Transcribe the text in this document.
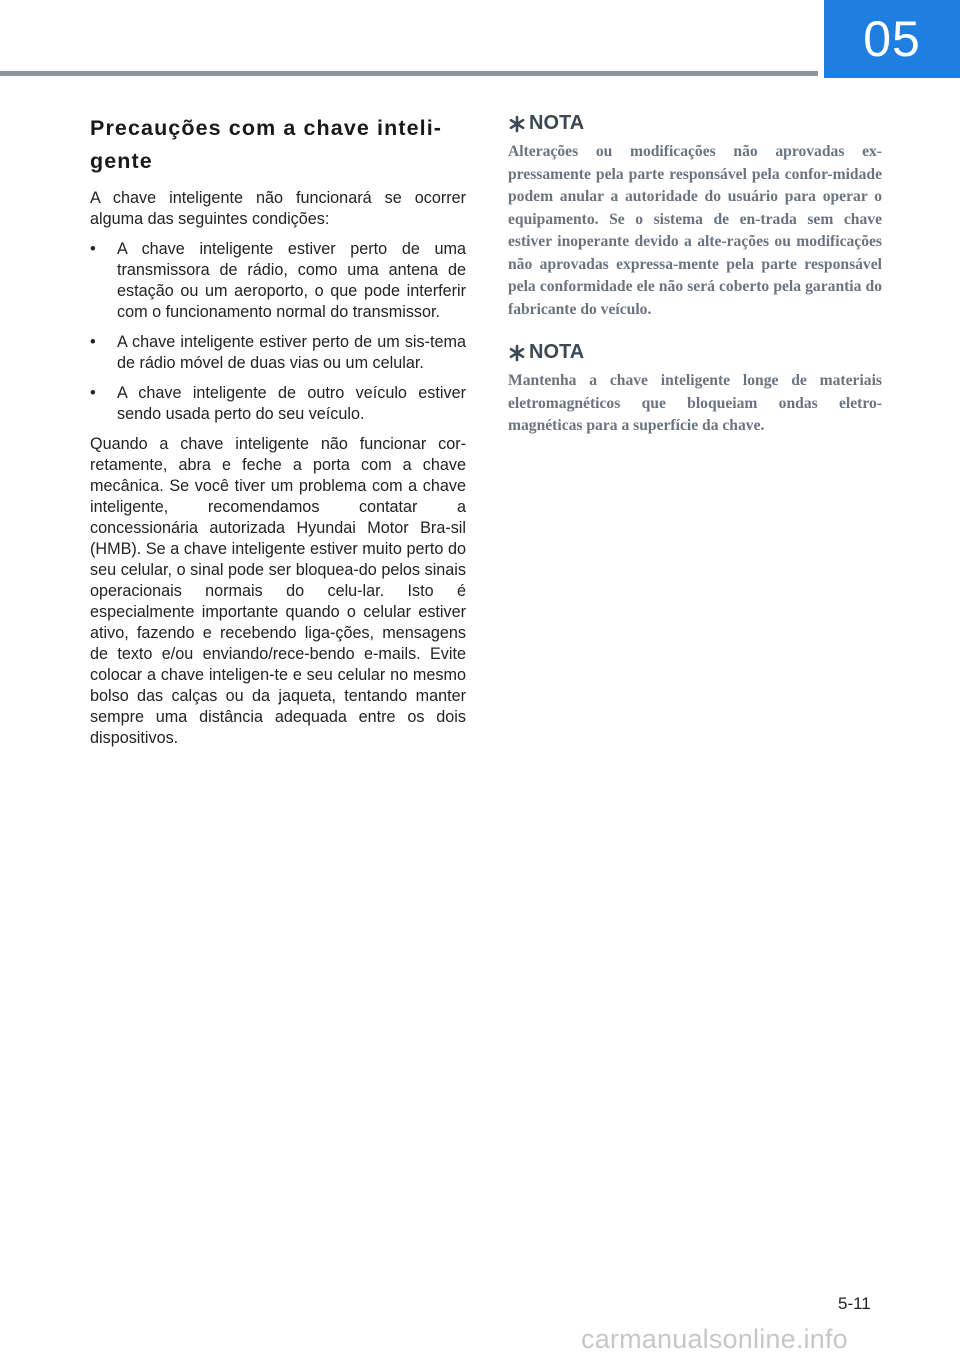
05
Precauções com a chave inteli-
gente

A chave inteligente não funcionará se ocorrer alguma das seguintes condições:

•	A chave inteligente estiver perto de uma transmissora de rádio, como uma antena de estação ou um aeroporto, o que pode interferir com o funcionamento normal do transmissor.
•	A chave inteligente estiver perto de um sis-tema de rádio móvel de duas vias ou um celular.
•	A chave inteligente de outro veículo estiver sendo usada perto do seu veículo.

Quando a chave inteligente não funcionar cor-retamente, abra e feche a porta com a chave mecânica. Se você tiver um problema com a chave inteligente, recomendamos contatar a concessionária autorizada Hyundai Motor Bra-sil (HMB). Se a chave inteligente estiver muito perto do seu celular, o sinal pode ser bloquea-do pelos sinais operacionais normais do celu-lar. Isto é especialmente importante quando o celular estiver ativo, fazendo e recebendo liga-ções, mensagens de texto e/ou enviando/rece-bendo e-mails. Evite colocar a chave inteligen-te e seu celular no mesmo bolso das calças ou da jaqueta, tentando manter sempre uma distância adequada entre os dois dispositivos.

NOTA

Alterações ou modificações não aprovadas ex-pressamente pela parte responsável pela confor-midade podem anular a autoridade do usuário para operar o equipamento. Se o sistema de en-trada sem chave estiver inoperante devido a alte-rações ou modificações não aprovadas expressa-mente pela parte responsável pela conformidade ele não será coberto pela garantia do fabricante do veículo.

NOTA

Mantenha a chave inteligente longe de materiais eletromagnéticos que bloqueiam ondas eletro-magnéticas para a superfície da chave.

5-11
carmanualsonline.info
